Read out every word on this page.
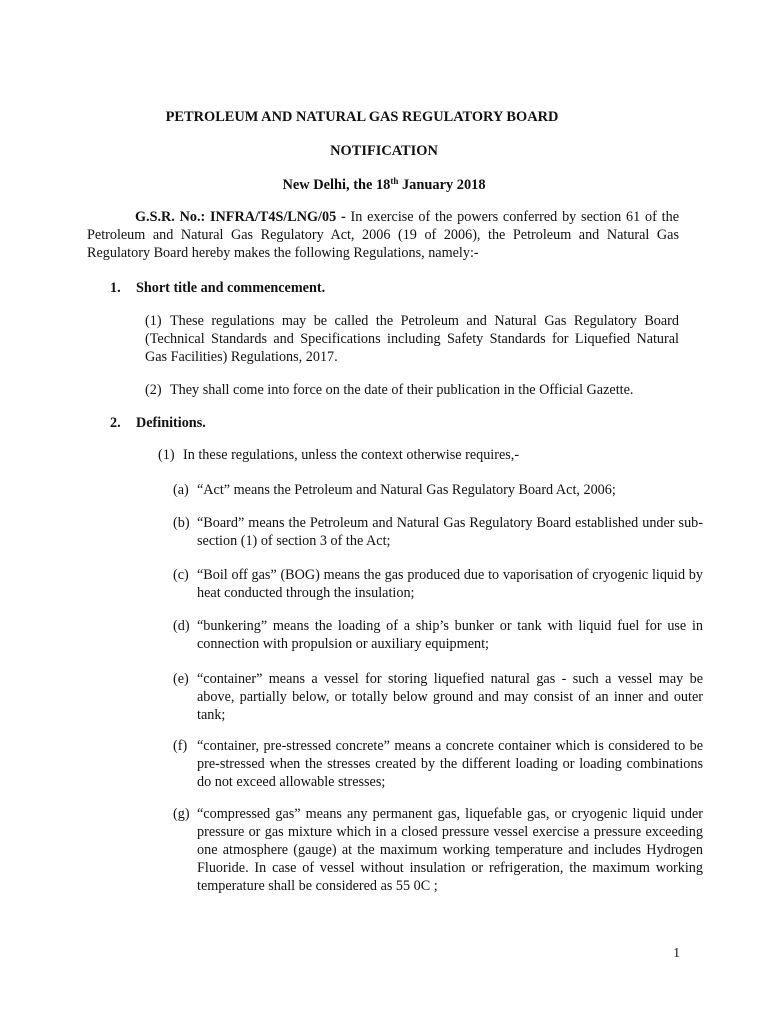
PETROLEUM AND NATURAL GAS REGULATORY BOARD
NOTIFICATION
New Delhi, the 18th January 2018
G.S.R. No.: INFRA/T4S/LNG/05 - In exercise of the powers conferred by section 61 of the Petroleum and Natural Gas Regulatory Act, 2006 (19 of 2006), the Petroleum and Natural Gas Regulatory Board hereby makes the following Regulations, namely:-
1. Short title and commencement.
(1) These regulations may be called the Petroleum and Natural Gas Regulatory Board (Technical Standards and Specifications including Safety Standards for Liquefied Natural Gas Facilities) Regulations, 2017.
(2) They shall come into force on the date of their publication in the Official Gazette.
2. Definitions.
(1) In these regulations, unless the context otherwise requires,-
(a) “Act” means the Petroleum and Natural Gas Regulatory Board Act, 2006;
(b) “Board” means the Petroleum and Natural Gas Regulatory Board established under sub-section (1) of section 3 of the Act;
(c) “Boil off gas” (BOG) means the gas produced due to vaporisation of cryogenic liquid by heat conducted through the insulation;
(d) “bunkering” means the loading of a ship’s bunker or tank with liquid fuel for use in connection with propulsion or auxiliary equipment;
(e) “container” means a vessel for storing liquefied natural gas - such a vessel may be above, partially below, or totally below ground and may consist of an inner and outer tank;
(f) “container, pre-stressed concrete” means a concrete container which is considered to be pre-stressed when the stresses created by the different loading or loading combinations do not exceed allowable stresses;
(g) “compressed gas” means any permanent gas, liquefable gas, or cryogenic liquid under pressure or gas mixture which in a closed pressure vessel exercise a pressure exceeding one atmosphere (gauge) at the maximum working temperature and includes Hydrogen Fluoride. In case of vessel without insulation or refrigeration, the maximum working temperature shall be considered as 55 0C ;
1
